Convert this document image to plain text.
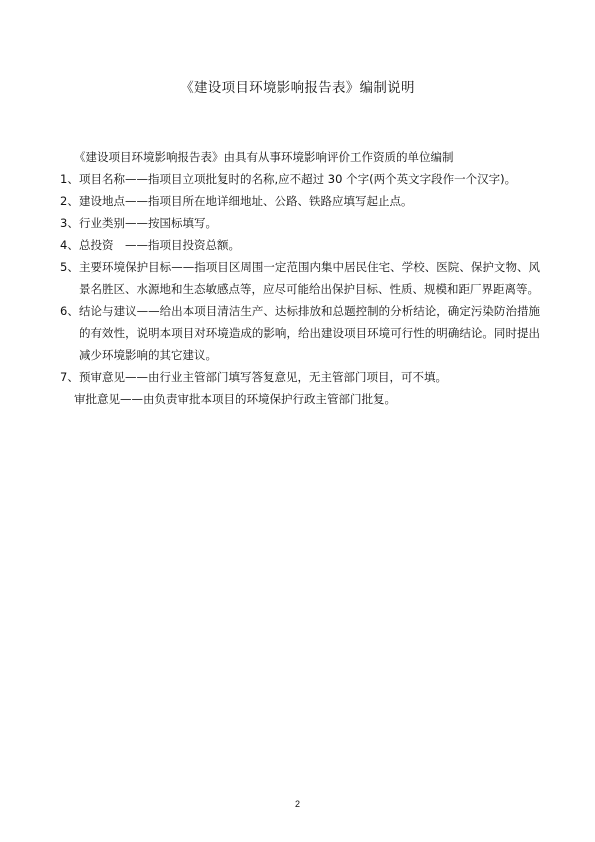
《建设项目环境影响报告表》编制说明

《建设项目环境影响报告表》由具有从事环境影响评价工作资质的单位编制

1、 项目名称——指项目立项批复时的名称,应不超过 30 个字(两个英文字段作一个汉字)。
2、 建设地点——指项目所在地详细地址、公路、铁路应填写起止点。
3、 行业类别——按国标填写。
4、 总投资　——指项目投资总额。
5、 主要环境保护目标——指项目区周围一定范围内集中居民住宅、学校、医院、保护文物、风景名胜区、水源地和生态敏感点等，应尽可能给出保护目标、性质、规模和距厂界距离等。
6、 结论与建议——给出本项目清洁生产、达标排放和总题控制的分析结论，确定污染防治措施的有效性，说明本项目对环境造成的影响，给出建设项目环境可行性的明确结论。同时提出减少环境影响的其它建议。
7、 预审意见——由行业主管部门填写答复意见，无主管部门项目，可不填。

审批意见——由负责审批本项目的环境保护行政主管部门批复。

2
